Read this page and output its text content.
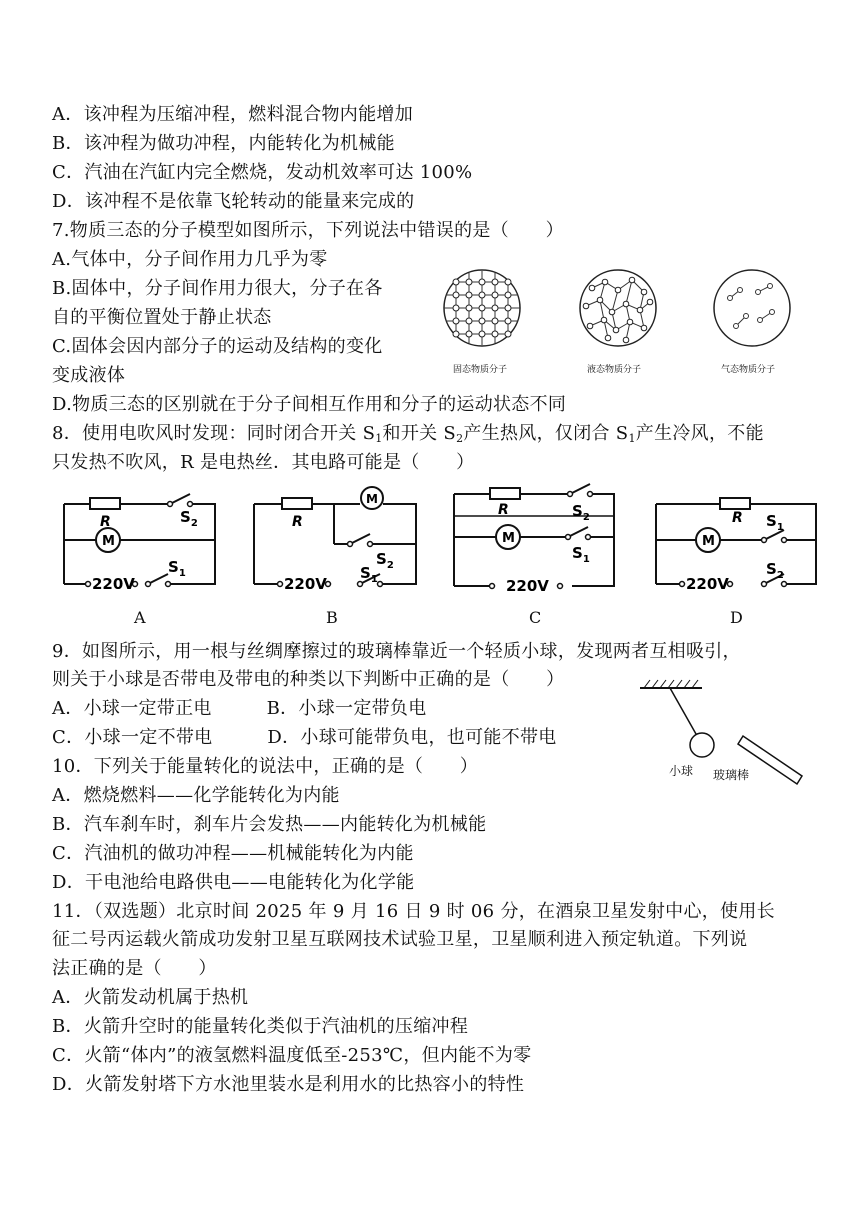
A．该冲程为压缩冲程，燃料混合物内能增加
B．该冲程为做功冲程，内能转化为机械能
C．汽油在汽缸内完全燃烧，发动机效率可达 100%
D．该冲程不是依靠飞轮转动的能量来完成的
7.物质三态的分子模型如图所示，下列说法中错误的是（　　）
A.气体中，分子间作用力几乎为零
B.固体中，分子间作用力很大，分子在各
自的平衡位置处于静止状态
C.固体会因内部分子的运动及结构的变化
变成液体
D.物质三态的区别就在于分子间相互作用和分子的运动状态不同
固态物质分子	液态物质分子	气态物质分子
8．使用电吹风时发现：同时闭合开关 $S_1$和开关 $S_2$产生热风，仅闭合 $S_1$产生冷风，不能
只发热不吹风，R 是电热丝．其电路可能是（　　）
R
M
$S_2$
$S_1$
220V
R
M
$S_2$
$S_1$
220V
R
M
$S_2$
$S_1$
220V
R
M
$S_1$
$S_2$
220V
A	B	C	D
9．如图所示，用一根与丝绸摩擦过的玻璃棒靠近一个轻质小球，发现两者互相吸引，
则关于小球是否带电及带电的种类以下判断中正确的是（　　）
A．小球一定带正电　　　B．小球一定带负电
C．小球一定不带电　　　D．小球可能带负电，也可能不带电
小球 玻璃棒
10．下列关于能量转化的说法中，正确的是（　　）
A．燃烧燃料——化学能转化为内能
B．汽车刹车时，刹车片会发热——内能转化为机械能
C．汽油机的做功冲程——机械能转化为内能
D．干电池给电路供电——电能转化为化学能
11．（双选题）北京时间 2025 年 9 月 16 日 9 时 06 分，在酒泉卫星发射中心，使用长
征二号丙运载火箭成功发射卫星互联网技术试验卫星，卫星顺利进入预定轨道。下列说
法正确的是（　　）
A．火箭发动机属于热机
B．火箭升空时的能量转化类似于汽油机的压缩冲程
C．火箭“体内”的液氢燃料温度低至-253℃，但内能不为零
D．火箭发射塔下方水池里装水是利用水的比热容小的特性
